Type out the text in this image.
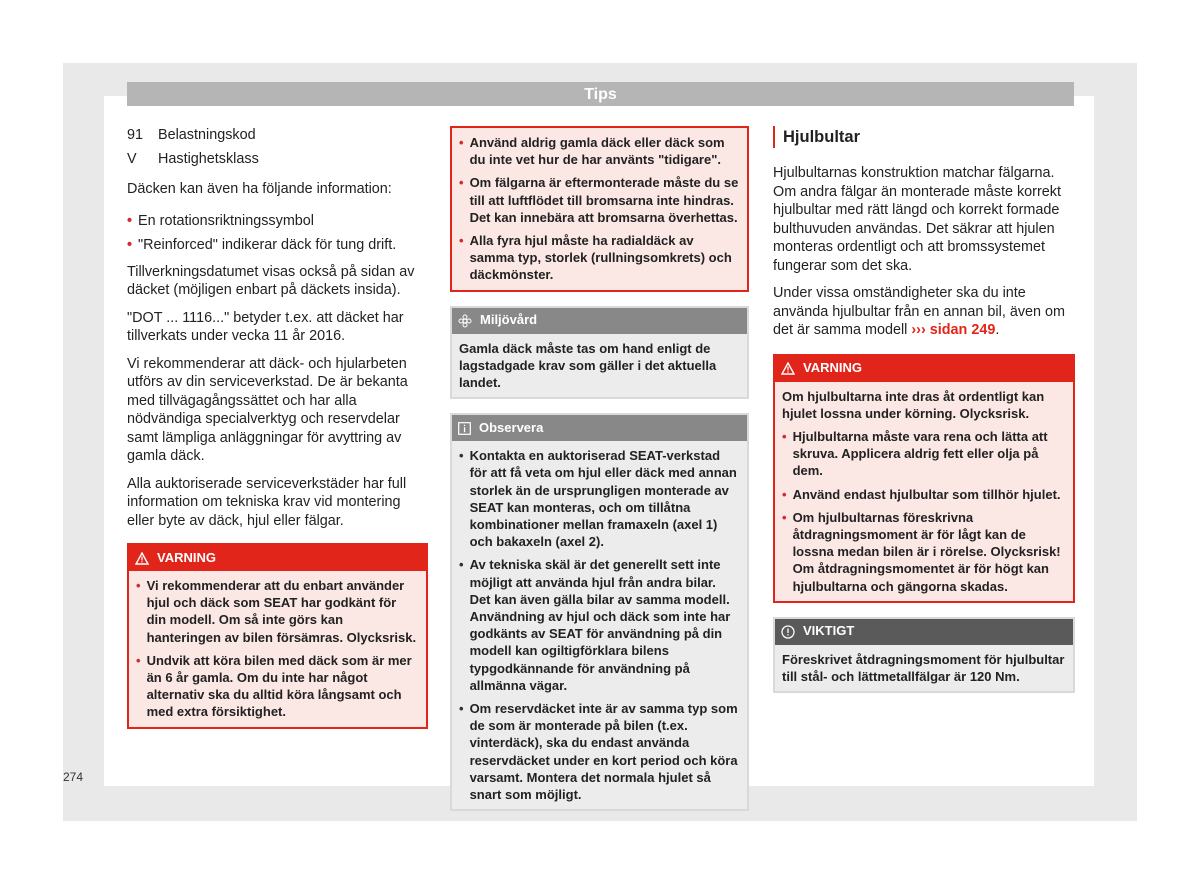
Tips
91	Belastningskod
V	Hastighetsklass

Däcken kan även ha följande information:

• En rotationsriktningssymbol
• "Reinforced" indikerar däck för tung drift.

Tillverkningsdatumet visas också på sidan av däcket (möjligen enbart på däckets insida).

"DOT ... 1116..." betyder t.ex. att däcket har tillverkats under vecka 11 år 2016.

Vi rekommenderar att däck- och hjularbeten utförs av din serviceverkstad. De är bekanta med tillvägagångssättet och har alla nödvändiga specialverktyg och reservdelar samt lämpliga anläggningar för avyttring av gamla däck.

Alla auktoriserade serviceverkstäder har full information om tekniska krav vid montering eller byte av däck, hjul eller fälgar.

VARNING
• Vi rekommenderar att du enbart använder hjul och däck som SEAT har godkänt för din modell. Om så inte görs kan hanteringen av bilen försämras. Olycksrisk.
• Undvik att köra bilen med däck som är mer än 6 år gamla. Om du inte har något alternativ ska du alltid köra långsamt och med extra försiktighet.
• Använd aldrig gamla däck eller däck som du inte vet hur de har använts "tidigare".
• Om fälgarna är eftermonterade måste du se till att luftflödet till bromsarna inte hindras. Det kan innebära att bromsarna överhettas.
• Alla fyra hjul måste ha radialdäck av samma typ, storlek (rullningsomkrets) och däckmönster.
Miljövård
Gamla däck måste tas om hand enligt de lagstadgade krav som gäller i det aktuella landet.
Observera
• Kontakta en auktoriserad SEAT-verkstad för att få veta om hjul eller däck med annan storlek än de ursprungligen monterade av SEAT kan monteras, och om tillåtna kombinationer mellan framaxeln (axel 1) och bakaxeln (axel 2).
• Av tekniska skäl är det generellt sett inte möjligt att använda hjul från andra bilar. Det kan även gälla bilar av samma modell. Användning av hjul och däck som inte har godkänts av SEAT för användning på din modell kan ogiltigförklara bilens typgodkännande för användning på allmänna vägar.
• Om reservdäcket inte är av samma typ som de som är monterade på bilen (t.ex. vinterdäck), ska du endast använda reservdäcket under en kort period och köra varsamt. Montera det normala hjulet så snart som möjligt.
Hjulbultar

Hjulbultarnas konstruktion matchar fälgarna. Om andra fälgar än monterade måste korrekt hjulbultar med rätt längd och korrekt formade bulthuvuden användas. Det säkrar att hjulen monteras ordentligt och att bromssystemet fungerar som det ska.

Under vissa omständigheter ska du inte använda hjulbultar från en annan bil, även om det är samma modell ››› sidan 249.

VARNING
Om hjulbultarna inte dras åt ordentligt kan hjulet lossna under körning. Olycksrisk.
• Hjulbultarna måste vara rena och lätta att skruva. Applicera aldrig fett eller olja på dem.
• Använd endast hjulbultar som tillhör hjulet.
• Om hjulbultarnas föreskrivna åtdragningsmoment är för lågt kan de lossna medan bilen är i rörelse. Olycksrisk! Om åtdragningsmomentet är för högt kan hjulbultarna och gängorna skadas.
VIKTIGT
Föreskrivet åtdragningsmoment för hjulbultar till stål- och lättmetallfälgar är 120 Nm.
274
